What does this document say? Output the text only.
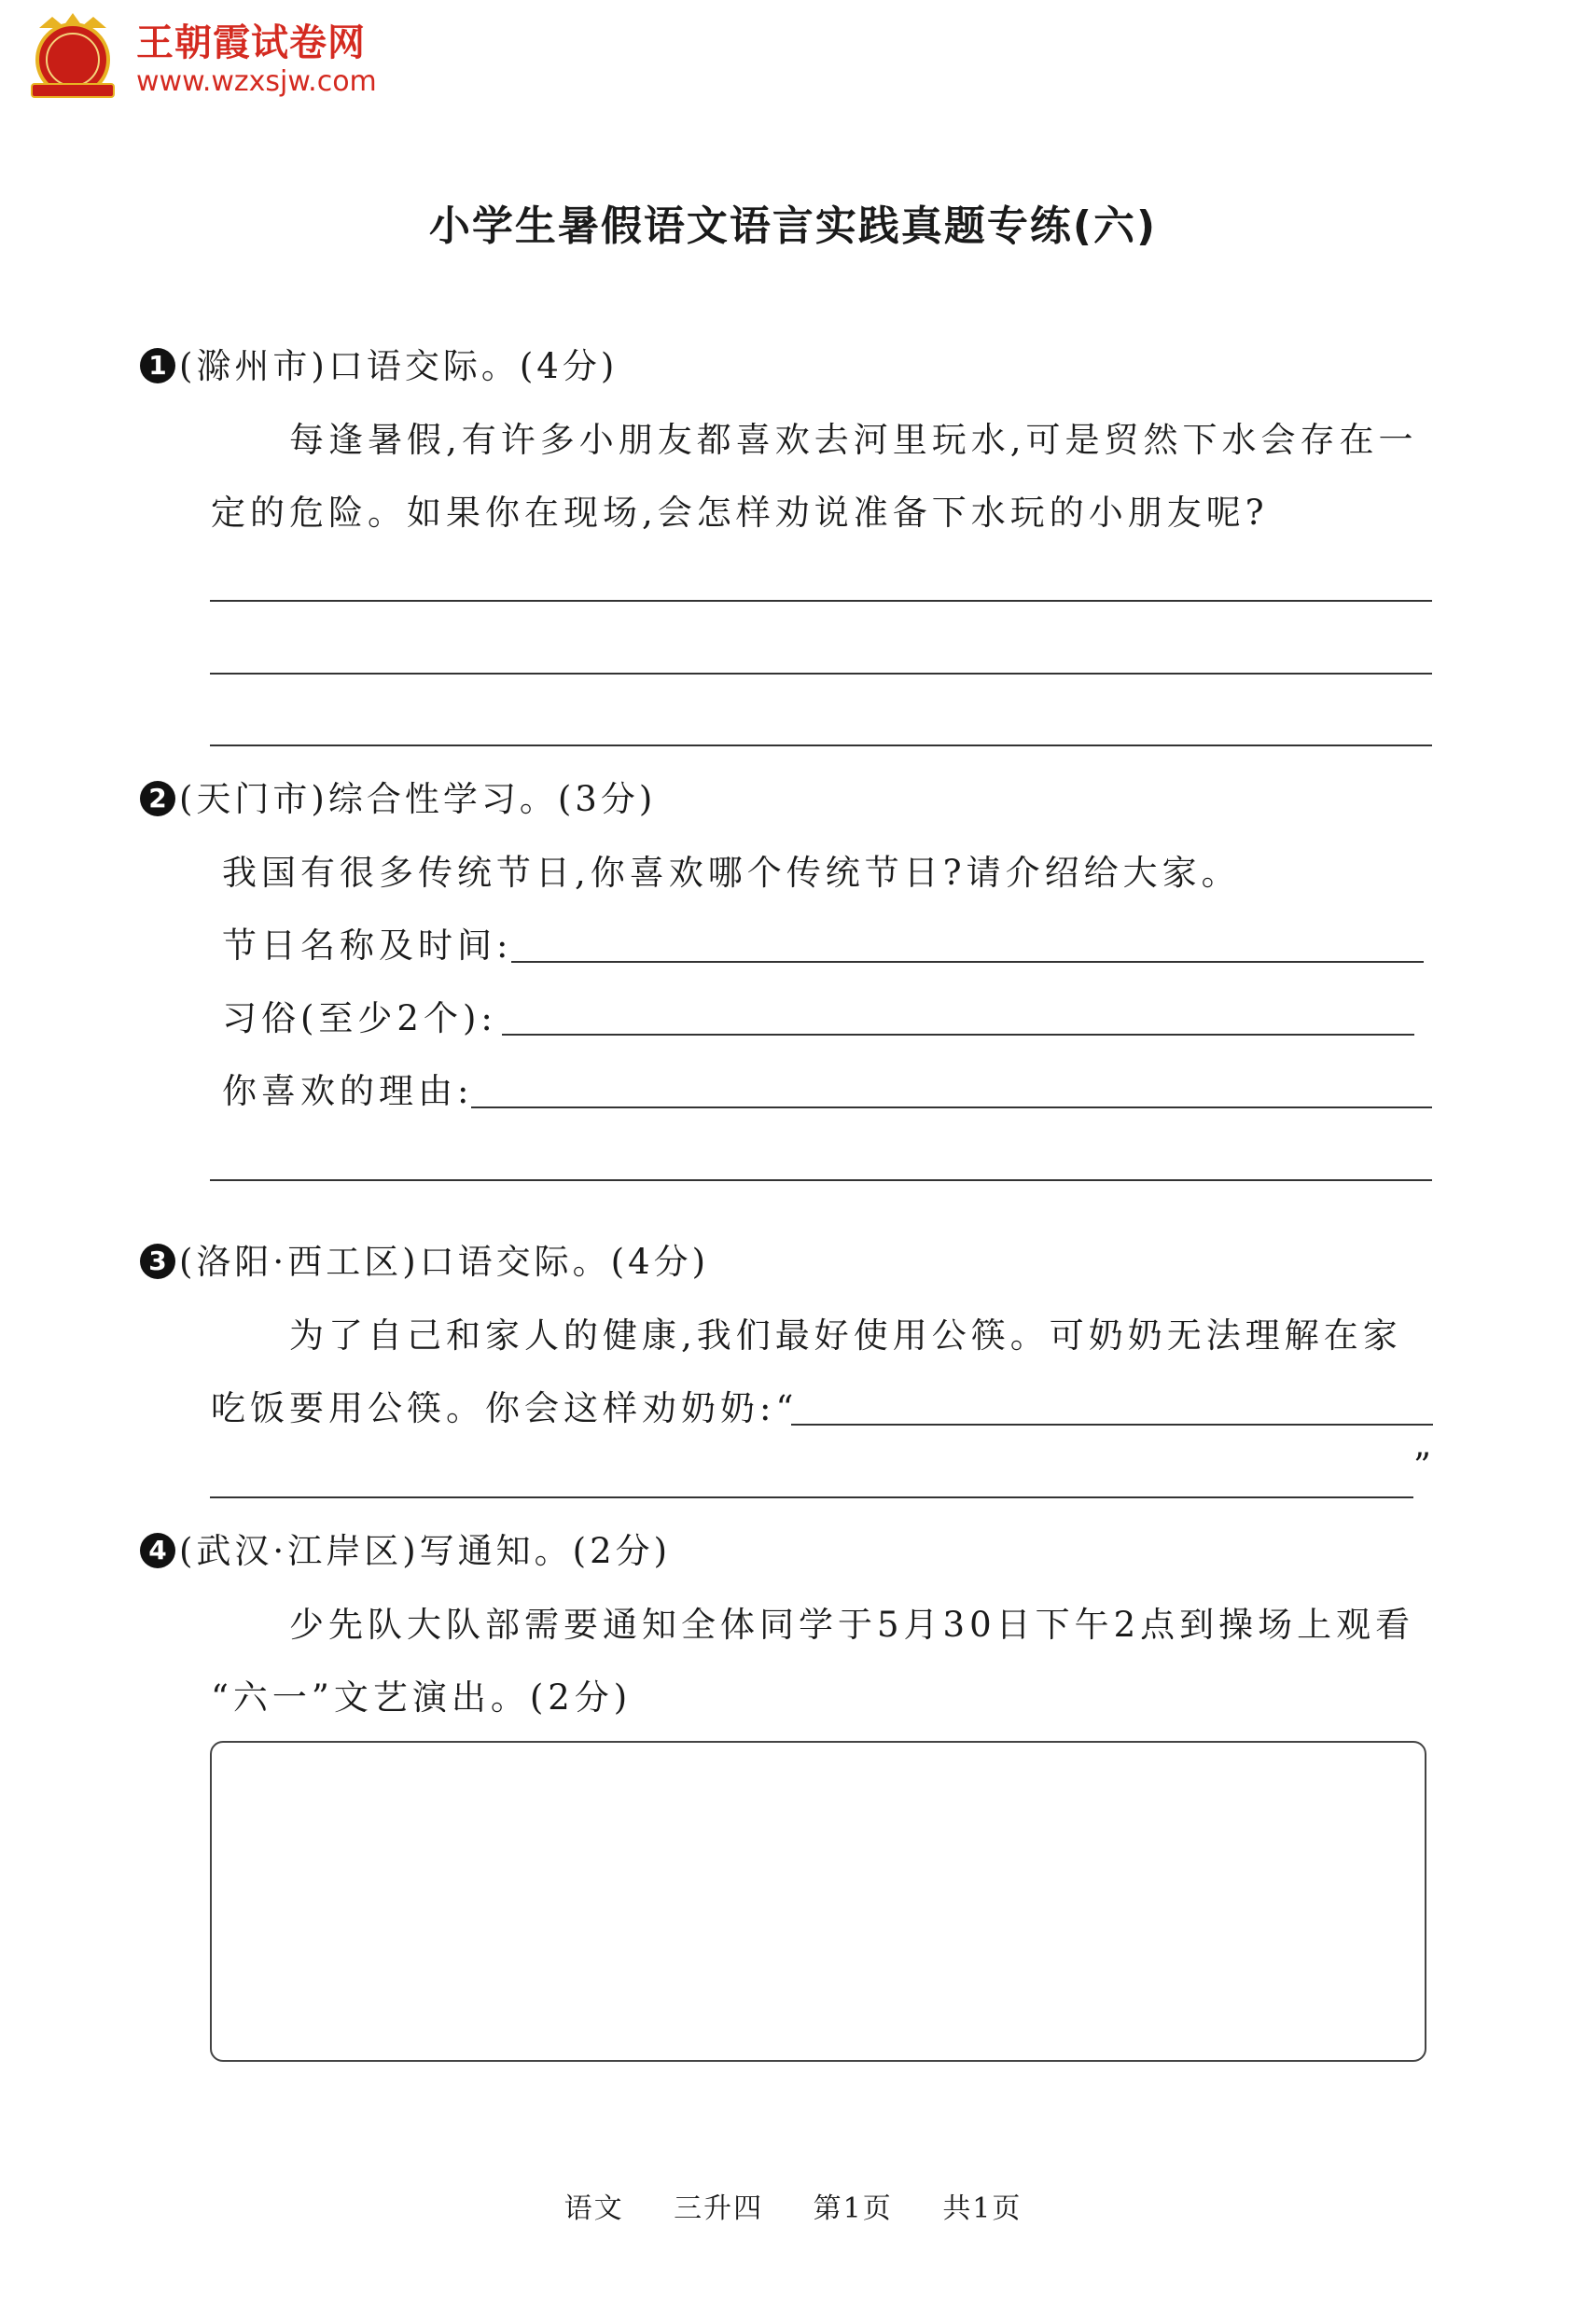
王朝霞试卷网
www.wzxsjw.com
小学生暑假语文语言实践真题专练(六)
1 (滁州市)口语交际。(4分)
每逢暑假,有许多小朋友都喜欢去河里玩水,可是贸然下水会存在一
定的危险。如果你在现场,会怎样劝说准备下水玩的小朋友呢?
2 (天门市)综合性学习。(3分)
我国有很多传统节日,你喜欢哪个传统节日?请介绍给大家。
节日名称及时间:
习俗(至少2个):
你喜欢的理由:
3 (洛阳·西工区)口语交际。(4分)
为了自己和家人的健康,我们最好使用公筷。可奶奶无法理解在家
吃饭要用公筷。你会这样劝奶奶:“
”
4 (武汉·江岸区)写通知。(2分)
少先队大队部需要通知全体同学于5月30日下午2点到操场上观看
“六一”文艺演出。(2分)
语文 三升四 第1页 共1页
